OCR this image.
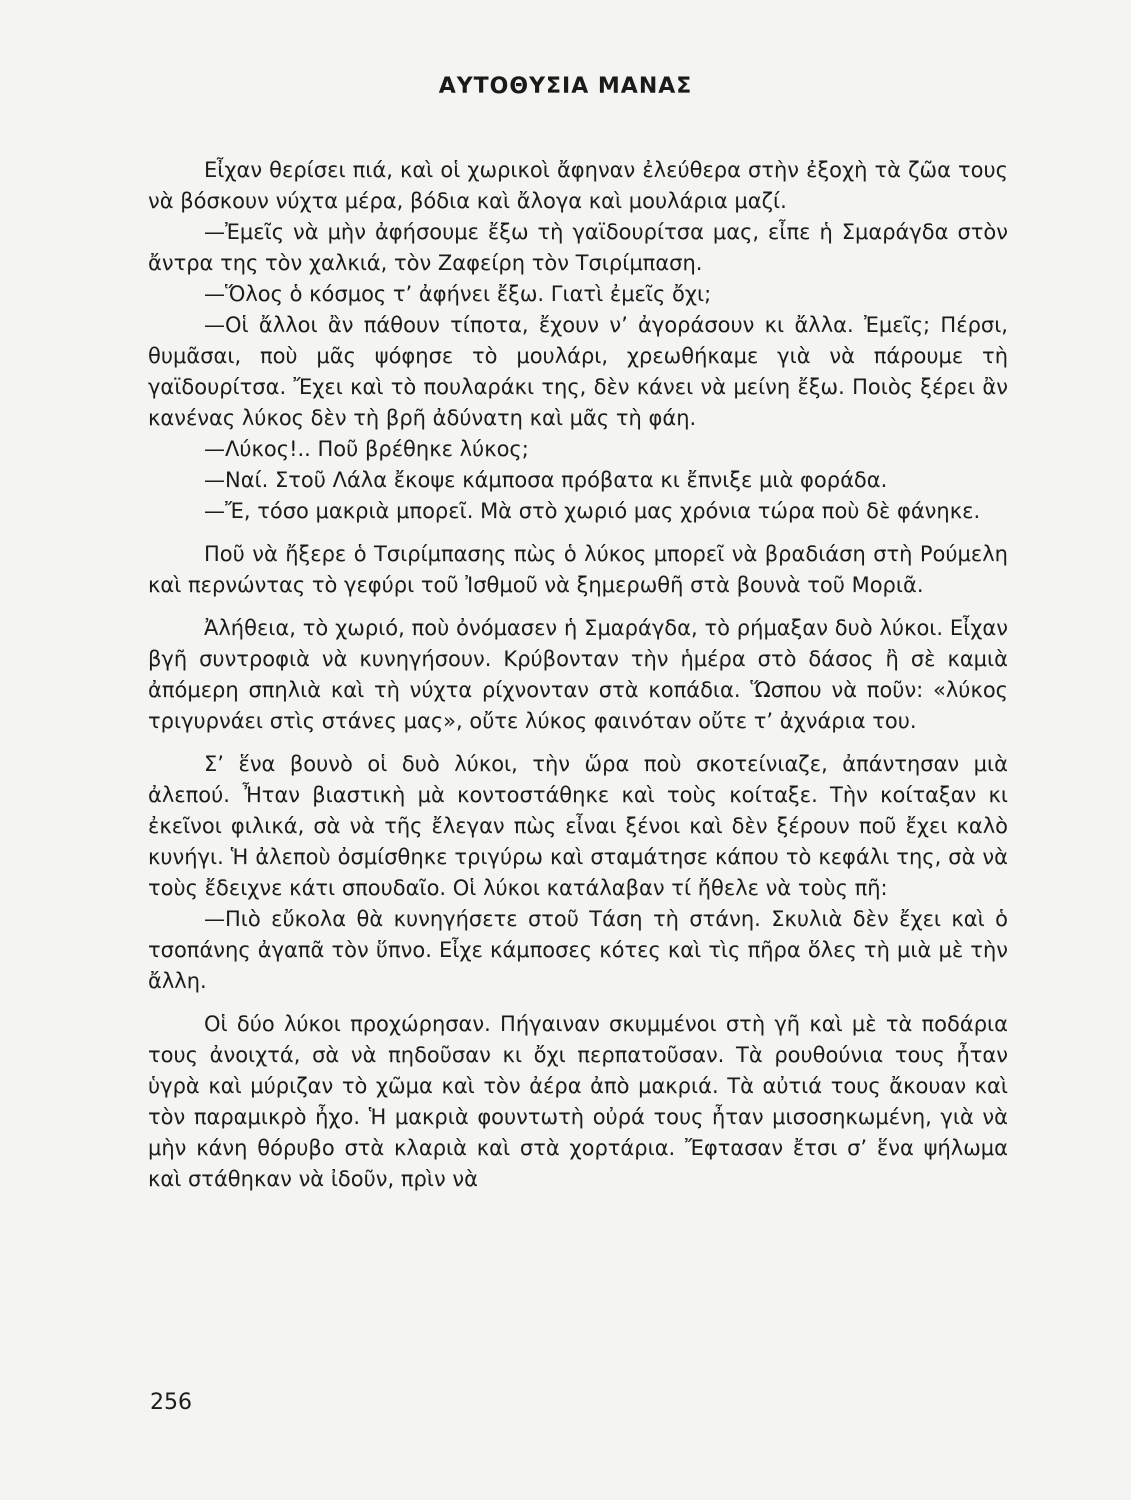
ΑΥΤΟΘΥΣΙΑ ΜΑΝΑΣ

Εἶχαν θερίσει πιά, καὶ οἱ χωρικοὶ ἄφηναν ἐλεύθερα στὴν ἐξοχὴ τὰ ζῶα τους νὰ βόσκουν νύχτα μέρα, βόδια καὶ ἄλογα καὶ μουλάρια μαζί.

—Ἐμεῖς νὰ μὴν ἀφήσουμε ἔξω τὴ γαϊδουρίτσα μας, εἶπε ἡ Σμαράγδα στὸν ἄντρα της τὸν χαλκιά, τὸν Ζαφείρη τὸν Τσιρίμπαση.

—Ὅλος ὁ κόσμος τ’ ἀφήνει ἔξω. Γιατὶ ἐμεῖς ὄχι;

—Οἱ ἄλλοι ἂν πάθουν τίποτα, ἔχουν ν’ ἀγοράσουν κι ἄλλα. Ἐμεῖς; Πέρσι, θυμᾶσαι, ποὺ μᾶς ψόφησε τὸ μουλάρι, χρεωθήκαμε γιὰ νὰ πάρουμε τὴ γαϊδουρίτσα. Ἔχει καὶ τὸ πουλαράκι της, δὲν κάνει νὰ μείνη ἔξω. Ποιὸς ξέρει ἂν κανένας λύκος δὲν τὴ βρῆ ἀδύνατη καὶ μᾶς τὴ φάη.

—Λύκος!.. Ποῦ βρέθηκε λύκος;

—Ναί. Στοῦ Λάλα ἔκοψε κάμποσα πρόβατα κι ἔπνιξε μιὰ φοράδα.

—Ἔ, τόσο μακριὰ μπορεῖ. Μὰ στὸ χωριό μας χρόνια τώρα ποὺ δὲ φάνηκε.

Ποῦ νὰ ἤξερε ὁ Τσιρίμπασης πὼς ὁ λύκος μπορεῖ νὰ βραδιάση στὴ Ρούμελη καὶ περνώντας τὸ γεφύρι τοῦ Ἰσθμοῦ νὰ ξημερωθῆ στὰ βουνὰ τοῦ Μοριᾶ.

Ἀλήθεια, τὸ χωριό, ποὺ ὀνόμασεν ἡ Σμαράγδα, τὸ ρήμαξαν δυὸ λύκοι. Εἶχαν βγῆ συντροφιὰ νὰ κυνηγήσουν. Κρύβονταν τὴν ἡμέρα στὸ δάσος ἢ σὲ καμιὰ ἀπόμερη σπηλιὰ καὶ τὴ νύχτα ρίχνονταν στὰ κοπάδια. Ὥσπου νὰ ποῦν: «λύκος τριγυρνάει στὶς στάνες μας», οὔτε λύκος φαινόταν οὔτε τ’ ἀχνάρια του.

Σ’ ἕνα βουνὸ οἱ δυὸ λύκοι, τὴν ὥρα ποὺ σκοτείνιαζε, ἀπάντησαν μιὰ ἀλεπού. Ἦταν βιαστικὴ μὰ κοντοστάθηκε καὶ τοὺς κοίταξε. Τὴν κοίταξαν κι ἐκεῖνοι φιλικά, σὰ νὰ τῆς ἔλεγαν πὼς εἶναι ξένοι καὶ δὲν ξέρουν ποῦ ἔχει καλὸ κυνήγι. Ἡ ἀλεποὺ ὀσμίσθηκε τριγύρω καὶ σταμάτησε κάπου τὸ κεφάλι της, σὰ νὰ τοὺς ἔδειχνε κάτι σπουδαῖο. Οἱ λύκοι κατάλαβαν τί ἤθελε νὰ τοὺς πῆ:

—Πιὸ εὔκολα θὰ κυνηγήσετε στοῦ Τάση τὴ στάνη. Σκυλιὰ δὲν ἔχει καὶ ὁ τσοπάνης ἀγαπᾶ τὸν ὕπνο. Εἶχε κάμποσες κότες καὶ τὶς πῆρα ὅλες τὴ μιὰ μὲ τὴν ἄλλη.

Οἱ δύο λύκοι προχώρησαν. Πήγαιναν σκυμμένοι στὴ γῆ καὶ μὲ τὰ ποδάρια τους ἀνοιχτά, σὰ νὰ πηδοῦσαν κι ὄχι περπατοῦσαν. Τὰ ρουθούνια τους ἦταν ὑγρὰ καὶ μύριζαν τὸ χῶμα καὶ τὸν ἀέρα ἀπὸ μακριά. Τὰ αὐτιά τους ἄκουαν καὶ τὸν παραμικρὸ ἦχο. Ἡ μακριὰ φουντωτὴ οὐρά τους ἦταν μισοσηκωμένη, γιὰ νὰ μὴν κάνη θόρυβο στὰ κλαριὰ καὶ στὰ χορτάρια. Ἔφτασαν ἔτσι σ’ ἕνα ψήλωμα καὶ στάθηκαν νὰ ἰδοῦν, πρὶν νὰ

256
